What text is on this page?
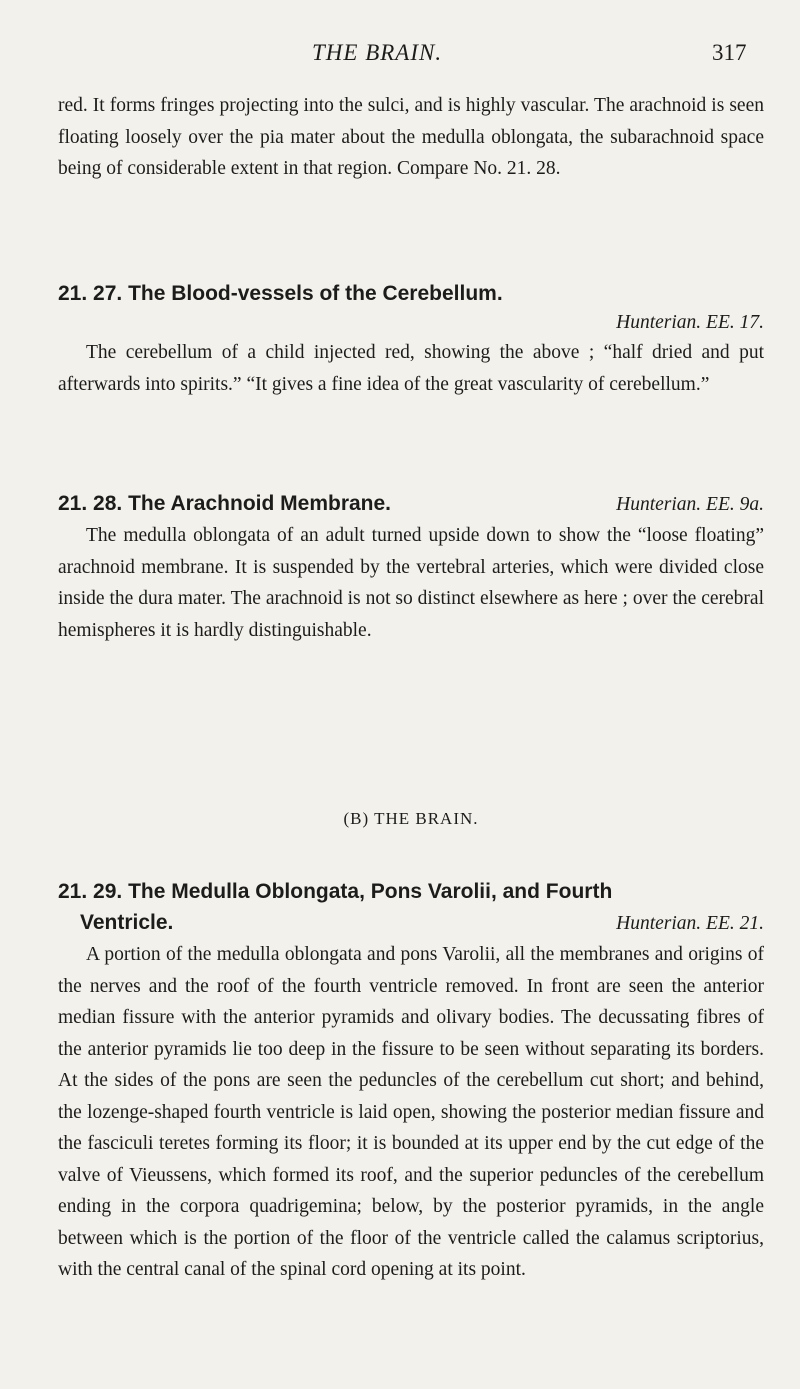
THE BRAIN.	317

red. It forms fringes projecting into the sulci, and is highly vascular. The arachnoid is seen floating loosely over the pia mater about the medulla oblongata, the subarachnoid space being of considerable extent in that region. Compare No. 21. 28.

21. 27. The Blood-vessels of the Cerebellum.

Hunterian. EE. 17.

The cerebellum of a child injected red, showing the above ; “half dried and put afterwards into spirits.” “It gives a fine idea of the great vascularity of cerebellum.”

21. 28. The Arachnoid Membrane.	Hunterian. EE. 9a.

The medulla oblongata of an adult turned upside down to show the “loose floating” arachnoid membrane. It is suspended by the vertebral arteries, which were divided close inside the dura mater. The arachnoid is not so distinct elsewhere as here ; over the cerebral hemispheres it is hardly distinguishable.

(B) THE BRAIN.

21. 29. The Medulla Oblongata, Pons Varolii, and Fourth

Ventricle.	Hunterian. EE. 21.

A portion of the medulla oblongata and pons Varolii, all the membranes and origins of the nerves and the roof of the fourth ventricle removed. In front are seen the anterior median fissure with the anterior pyramids and olivary bodies. The decussating fibres of the anterior pyramids lie too deep in the fissure to be seen without separating its borders. At the sides of the pons are seen the peduncles of the cerebellum cut short; and behind, the lozenge-shaped fourth ventricle is laid open, showing the posterior median fissure and the fasciculi teretes forming its floor; it is bounded at its upper end by the cut edge of the valve of Vieussens, which formed its roof, and the superior peduncles of the cerebellum ending in the corpora quadrigemina; below, by the posterior pyramids, in the angle between which is the portion of the floor of the ventricle called the calamus scriptorius, with the central canal of the spinal cord opening at its point.
